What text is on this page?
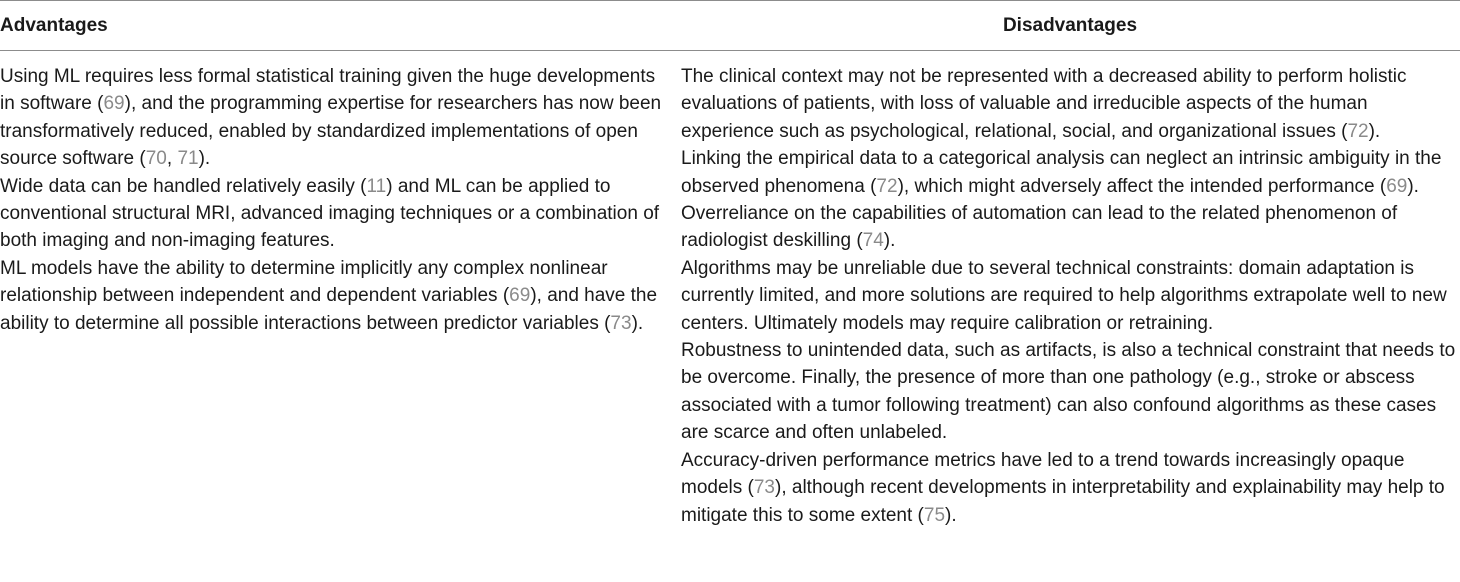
Advantages	Disadvantages

Using ML requires less formal statistical training given the huge developments in software (69), and the programming expertise for researchers has now been transformatively reduced, enabled by standardized implementations of open source software (70, 71).

Wide data can be handled relatively easily (11) and ML can be applied to conventional structural MRI, advanced imaging techniques or a combination of both imaging and non-imaging features.

ML models have the ability to determine implicitly any complex nonlinear relationship between independent and dependent variables (69), and have the ability to determine all possible interactions between predictor variables (73).

The clinical context may not be represented with a decreased ability to perform holistic evaluations of patients, with loss of valuable and irreducible aspects of the human experience such as psychological, relational, social, and organizational issues (72).

Linking the empirical data to a categorical analysis can neglect an intrinsic ambiguity in the observed phenomena (72), which might adversely affect the intended performance (69).

Overreliance on the capabilities of automation can lead to the related phenomenon of radiologist deskilling (74).

Algorithms may be unreliable due to several technical constraints: domain adaptation is currently limited, and more solutions are required to help algorithms extrapolate well to new centers. Ultimately models may require calibration or retraining.

Robustness to unintended data, such as artifacts, is also a technical constraint that needs to be overcome. Finally, the presence of more than one pathology (e.g., stroke or abscess associated with a tumor following treatment) can also confound algorithms as these cases are scarce and often unlabeled.

Accuracy-driven performance metrics have led to a trend towards increasingly opaque models (73), although recent developments in interpretability and explainability may help to mitigate this to some extent (75).
